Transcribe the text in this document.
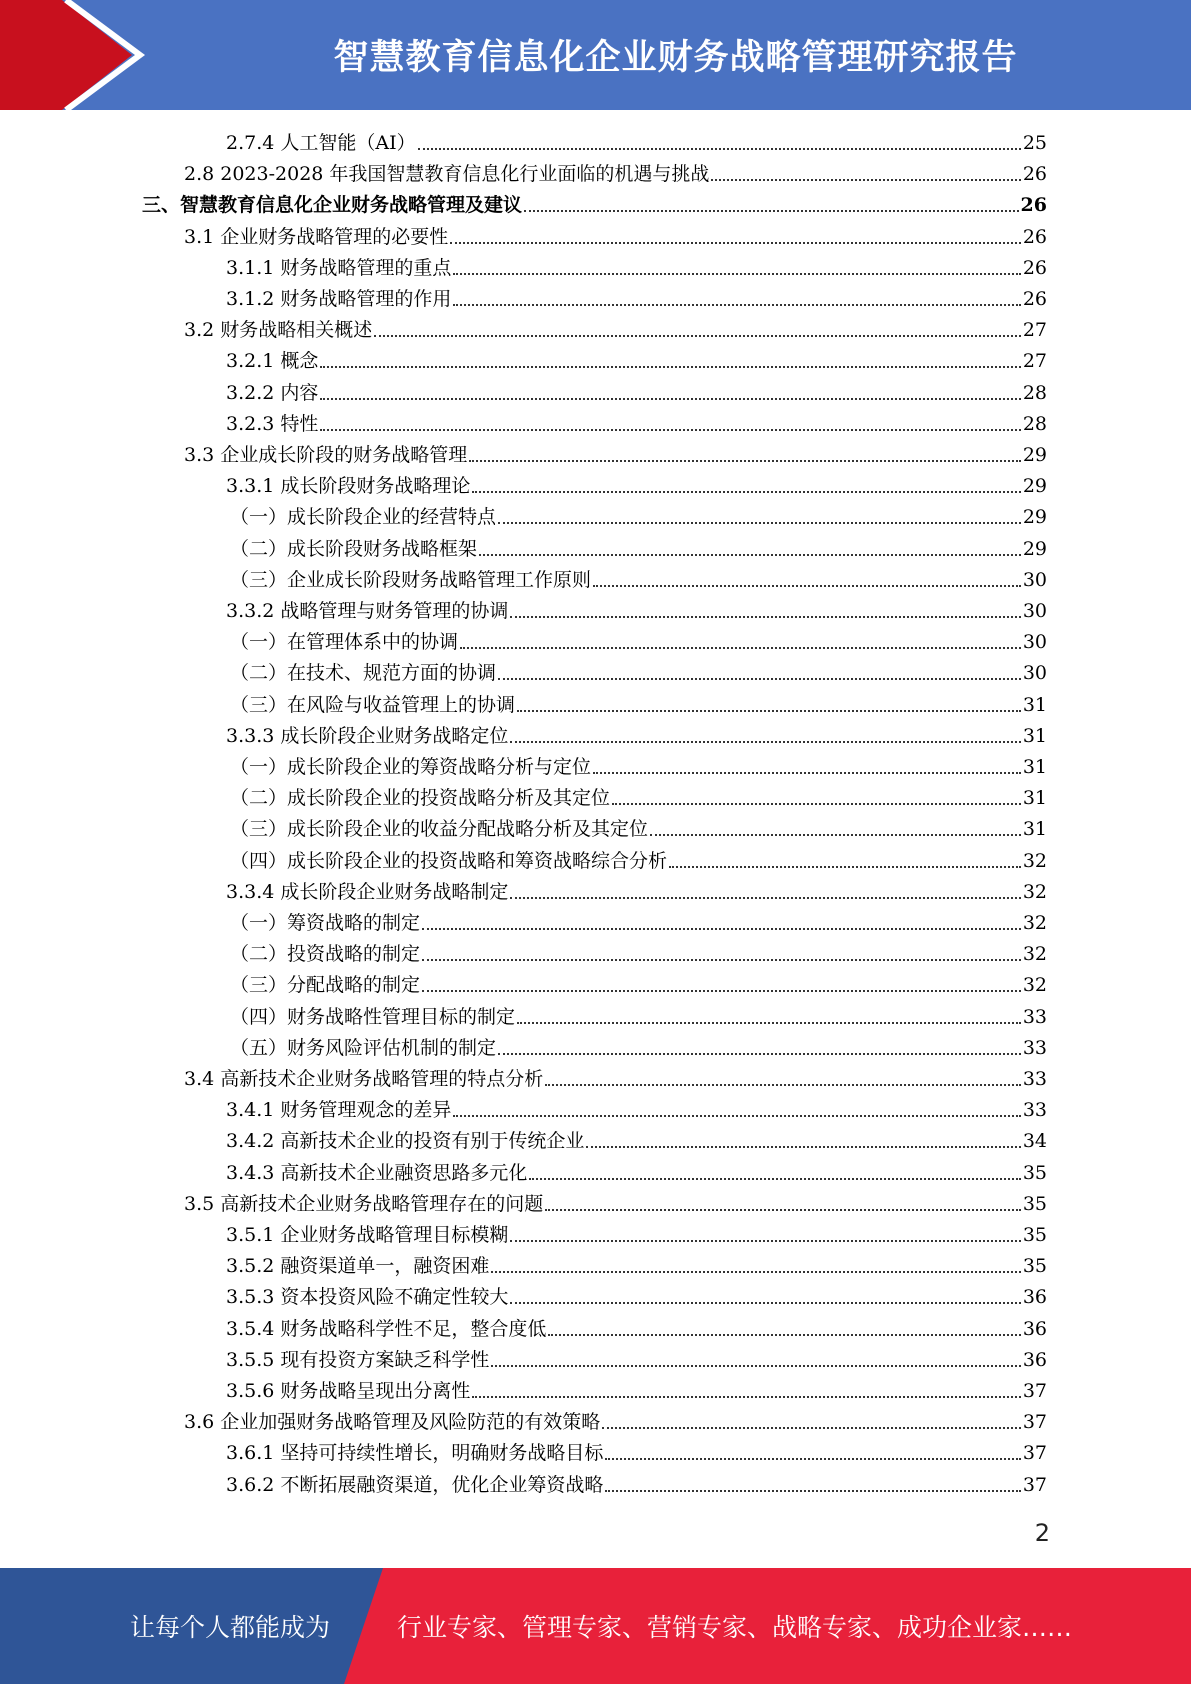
智慧教育信息化企业财务战略管理研究报告
2.7.4 人工智能（AI）	25
2.8 2023-2028 年我国智慧教育信息化行业面临的机遇与挑战	26
三、智慧教育信息化企业财务战略管理及建议	26
3.1 企业财务战略管理的必要性	26
3.1.1 财务战略管理的重点	26
3.1.2 财务战略管理的作用	26
3.2 财务战略相关概述	27
3.2.1 概念	27
3.2.2 内容	28
3.2.3 特性	28
3.3 企业成长阶段的财务战略管理	29
3.3.1 成长阶段财务战略理论	29
（一）成长阶段企业的经营特点	29
（二）成长阶段财务战略框架	29
（三）企业成长阶段财务战略管理工作原则	30
3.3.2 战略管理与财务管理的协调	30
（一）在管理体系中的协调	30
（二）在技术、规范方面的协调	30
（三）在风险与收益管理上的协调	31
3.3.3 成长阶段企业财务战略定位	31
（一）成长阶段企业的筹资战略分析与定位	31
（二）成长阶段企业的投资战略分析及其定位	31
（三）成长阶段企业的收益分配战略分析及其定位	31
（四）成长阶段企业的投资战略和筹资战略综合分析	32
3.3.4 成长阶段企业财务战略制定	32
（一）筹资战略的制定	32
（二）投资战略的制定	32
（三）分配战略的制定	32
（四）财务战略性管理目标的制定	33
（五）财务风险评估机制的制定	33
3.4 高新技术企业财务战略管理的特点分析	33
3.4.1 财务管理观念的差异	33
3.4.2 高新技术企业的投资有别于传统企业	34
3.4.3 高新技术企业融资思路多元化	35
3.5 高新技术企业财务战略管理存在的问题	35
3.5.1 企业财务战略管理目标模糊	35
3.5.2 融资渠道单一，融资困难	35
3.5.3 资本投资风险不确定性较大	36
3.5.4 财务战略科学性不足，整合度低	36
3.5.5 现有投资方案缺乏科学性	36
3.5.6 财务战略呈现出分离性	37
3.6 企业加强财务战略管理及风险防范的有效策略	37
3.6.1 坚持可持续性增长，明确财务战略目标	37
3.6.2 不断拓展融资渠道，优化企业筹资战略	37
2
让每个人都能成为	行业专家、管理专家、营销专家、战略专家、成功企业家……
